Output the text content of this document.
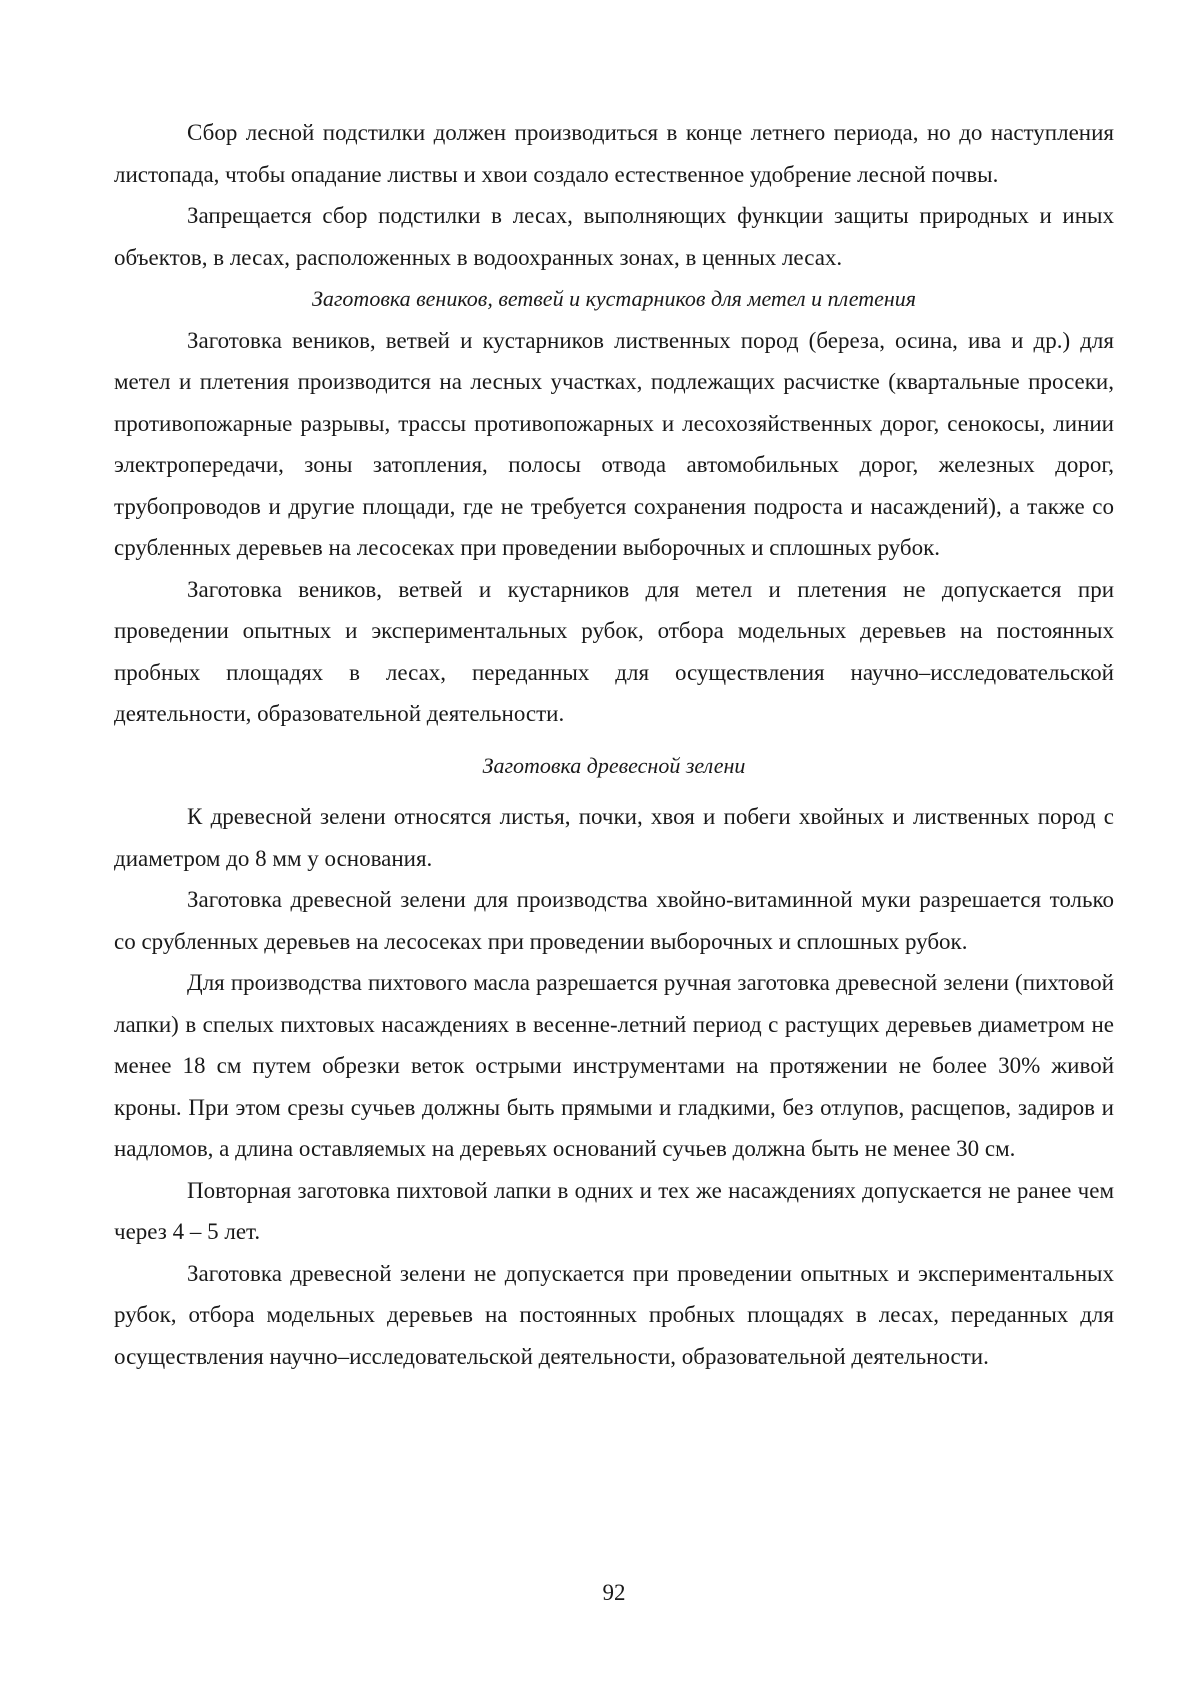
Сбор лесной подстилки должен производиться в конце летнего периода, но до наступления листопада, чтобы опадание листвы и хвои создало естественное удобрение лесной почвы.

Запрещается сбор подстилки в лесах, выполняющих функции защиты природных и иных объектов, в лесах, расположенных в водоохранных зонах, в ценных лесах.

Заготовка веников, ветвей и кустарников для метел и плетения

Заготовка веников, ветвей и кустарников лиственных пород (береза, осина, ива и др.) для метел и плетения производится на лесных участках, подлежащих расчистке (квартальные просеки, противопожарные разрывы, трассы противопожарных и лесохозяйственных дорог, сенокосы, линии электропередачи, зоны затопления, полосы отвода автомобильных дорог, железных дорог, трубопроводов и другие площади, где не требуется сохранения подроста и насаждений), а также со срубленных деревьев на лесосеках при проведении выборочных и сплошных рубок.

Заготовка веников, ветвей и кустарников для метел и плетения не допускается при проведении опытных и экспериментальных рубок, отбора модельных деревьев на постоянных пробных площадях в лесах, переданных для осуществления научно–исследовательской деятельности, образовательной деятельности.

Заготовка древесной зелени

К древесной зелени относятся листья, почки, хвоя и побеги хвойных и лиственных пород с диаметром до 8 мм у основания.

Заготовка древесной зелени для производства хвойно-витаминной муки разрешается только со срубленных деревьев на лесосеках при проведении выборочных и сплошных рубок.

Для производства пихтового масла разрешается ручная заготовка древесной зелени (пихтовой лапки) в спелых пихтовых насаждениях в весенне-летний период с растущих деревьев диаметром не менее 18 см путем обрезки веток острыми инструментами на протяжении не более 30% живой кроны. При этом срезы сучьев должны быть прямыми и гладкими, без отлупов, расщепов, задиров и надломов, а длина оставляемых на деревьях оснований сучьев должна быть не менее 30 см.

Повторная заготовка пихтовой лапки в одних и тех же насаждениях допускается не ранее чем через 4 – 5 лет.

Заготовка древесной зелени не допускается при проведении опытных и экспериментальных рубок, отбора модельных деревьев на постоянных пробных площадях в лесах, переданных для осуществления научно–исследовательской деятельности, образовательной деятельности.

92
